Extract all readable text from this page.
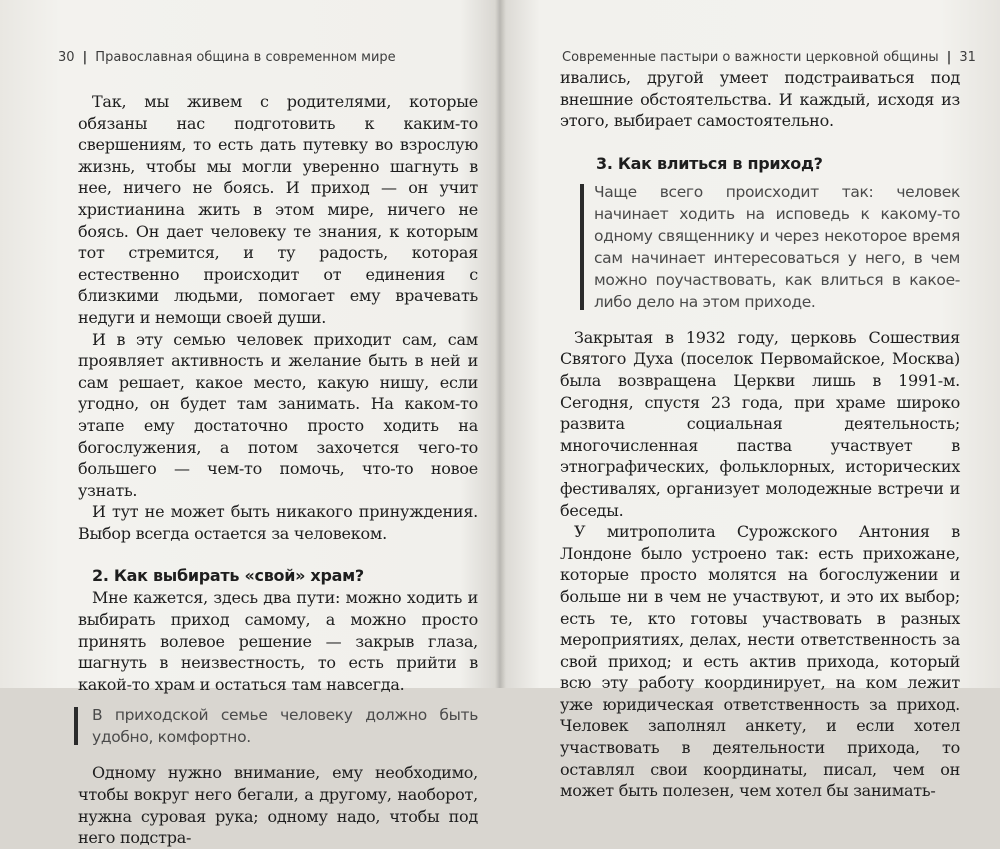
30 | Православная община в современном мире

Так, мы живем с родителями, которые обязаны нас подготовить к каким-то свершениям, то есть дать путевку во взрослую жизнь, чтобы мы могли уверенно шагнуть в нее, ничего не боясь. И приход — он учит христианина жить в этом мире, ничего не боясь. Он дает человеку те знания, к которым тот стремится, и ту радость, которая естественно происходит от единения с близкими людьми, помогает ему врачевать недуги и немощи своей души.

И в эту семью человек приходит сам, сам проявляет активность и желание быть в ней и сам решает, какое место, какую нишу, если угодно, он будет там занимать. На каком-то этапе ему достаточно просто ходить на богослужения, а потом захочется чего-то большего — чем-то помочь, что-то новое узнать.

И тут не может быть никакого принуждения. Выбор всегда остается за человеком.

2. Как выбирать «свой» храм?

Мне кажется, здесь два пути: можно ходить и выбирать приход самому, а можно просто принять волевое решение — закрыв глаза, шагнуть в неизвестность, то есть прийти в какой-то храм и остаться там навсегда.

В приходской семье человеку должно быть удобно, комфортно.

Одному нужно внимание, ему необходимо, чтобы вокруг него бегали, а другому, наоборот, нужна суровая рука; одному надо, чтобы под него подстра-

Современные пастыри о важности церковной общины | 31

ивались, другой умеет подстраиваться под внешние обстоятельства. И каждый, исходя из этого, выбирает самостоятельно.

3. Как влиться в приход?
Чаще всего происходит так: человек начинает ходить на исповедь к какому-то одному священнику и через некоторое время сам начинает интересоваться у него, в чем можно поучаствовать, как влиться в какое-либо дело на этом приходе.

Закрытая в 1932 году, церковь Сошествия Святого Духа (поселок Первомайское, Москва) была возвращена Церкви лишь в 1991-м. Сегодня, спустя 23 года, при храме широко развита социальная деятельность; многочисленная паства участвует в этнографических, фольклорных, исторических фестивалях, организует молодежные встречи и беседы.

У митрополита Сурожского Антония в Лондоне было устроено так: есть прихожане, которые просто молятся на богослужении и больше ни в чем не участвуют, и это их выбор; есть те, кто готовы участвовать в разных мероприятиях, делах, нести ответственность за свой приход; и есть актив прихода, который всю эту работу координирует, на ком лежит уже юридическая ответственность за приход. Человек заполнял анкету, и если хотел участвовать в деятельности прихода, то оставлял свои координаты, писал, чем он может быть полезен, чем хотел бы занимать-
